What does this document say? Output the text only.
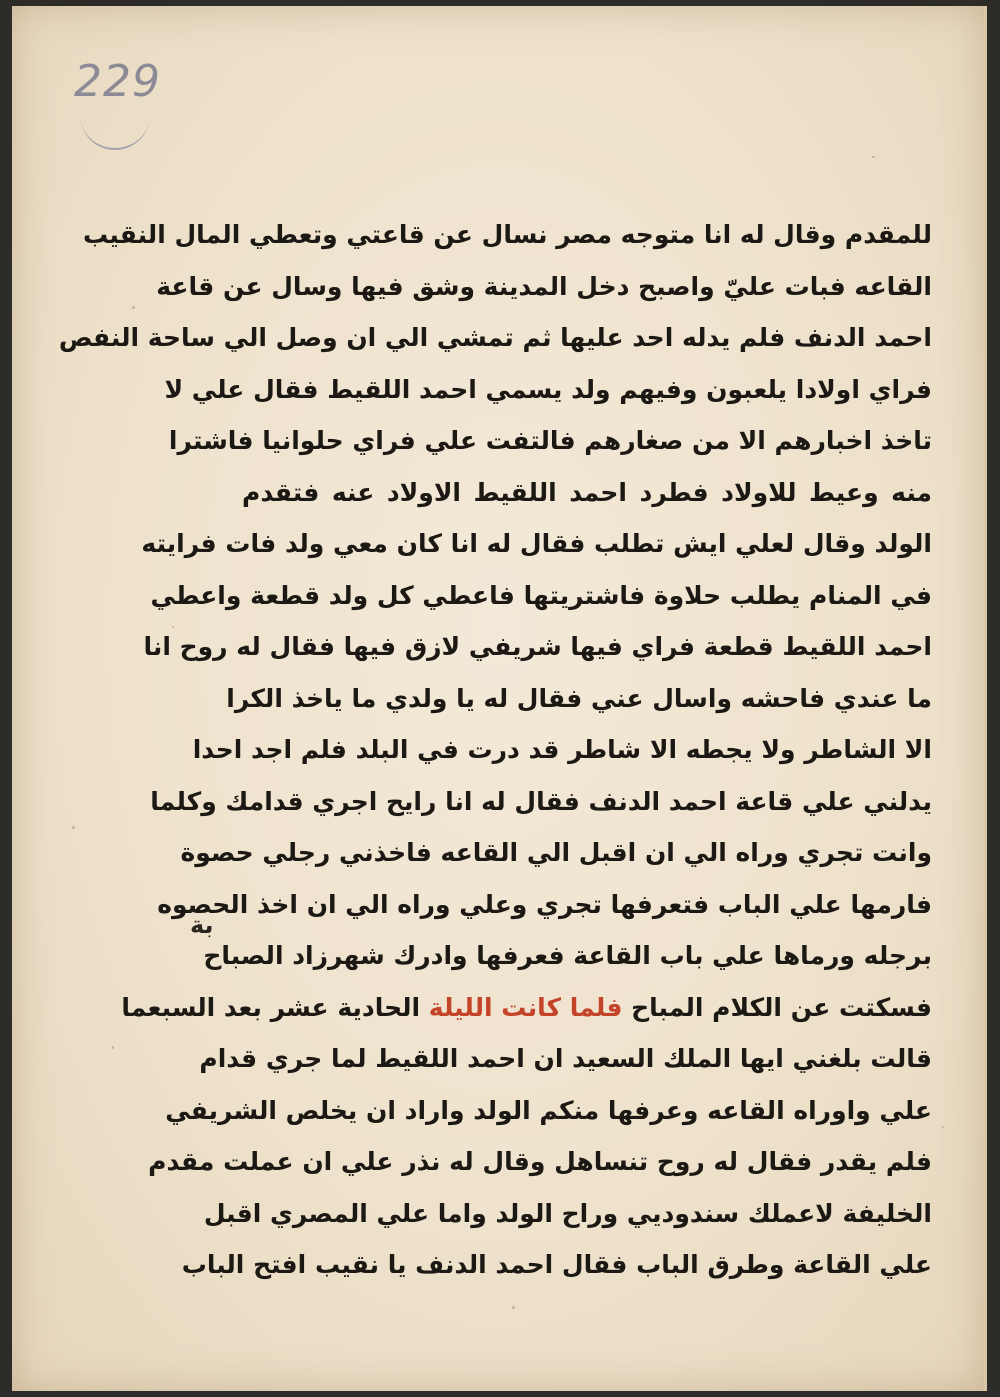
229
بة
للمقدم وقال له انا متوجه مصر نسال عن قاعتي وتعطي المال النقيب
القاعه فبات عليّ واصبح دخل المدينة وشق فيها وسال عن قاعة
احمد الدنف فلم يدله احد عليها ثم تمشي الي ان وصل الي ساحة النفص
فراي اولادا يلعبون وفيهم ولد يسمي احمد اللقيط فقال علي لا
تاخذ اخبارهم الا من صغارهم فالتفت علي فراي حلوانيا فاشترا
منه وعيط للاولاد فطرد احمد اللقيط الاولاد عنه فتقدم
الولد وقال لعلي ايش تطلب فقال له انا كان معي ولد فات فرايته
في المنام يطلب حلاوة فاشتريتها فاعطي كل ولد قطعة واعطي
احمد اللقيط قطعة فراي فيها شريفي لازق فيها فقال له روح انا
ما عندي فاحشه واسال عني فقال له يا ولدي ما ياخذ الكرا
الا الشاطر ولا يجطه الا شاطر قد درت في البلد فلم اجد احدا
يدلني علي قاعة احمد الدنف فقال له انا رايح اجري قدامك وكلما
وانت تجري وراه الي ان اقبل الي القاعه فاخذني رجلي حصوة
فارمها علي الباب فتعرفها تجري وعلي وراه الي ان اخذ الحصوه
برجله ورماها علي باب القاعة فعرفها وادرك شهرزاد الصباح
فسكتت عن الكلام المباح فلما كانت الليلة الحادية عشر بعد السبعما
قالت بلغني ايها الملك السعيد ان احمد اللقيط لما جري قدام
علي واوراه القاعه وعرفها منكم الولد واراد ان يخلص الشريفي
فلم يقدر فقال له روح تنساهل وقال له نذر علي ان عملت مقدم
الخليفة لاعملك سندوديي وراح الولد واما علي المصري اقبل
علي القاعة وطرق الباب فقال احمد الدنف يا نقيب افتح الباب
